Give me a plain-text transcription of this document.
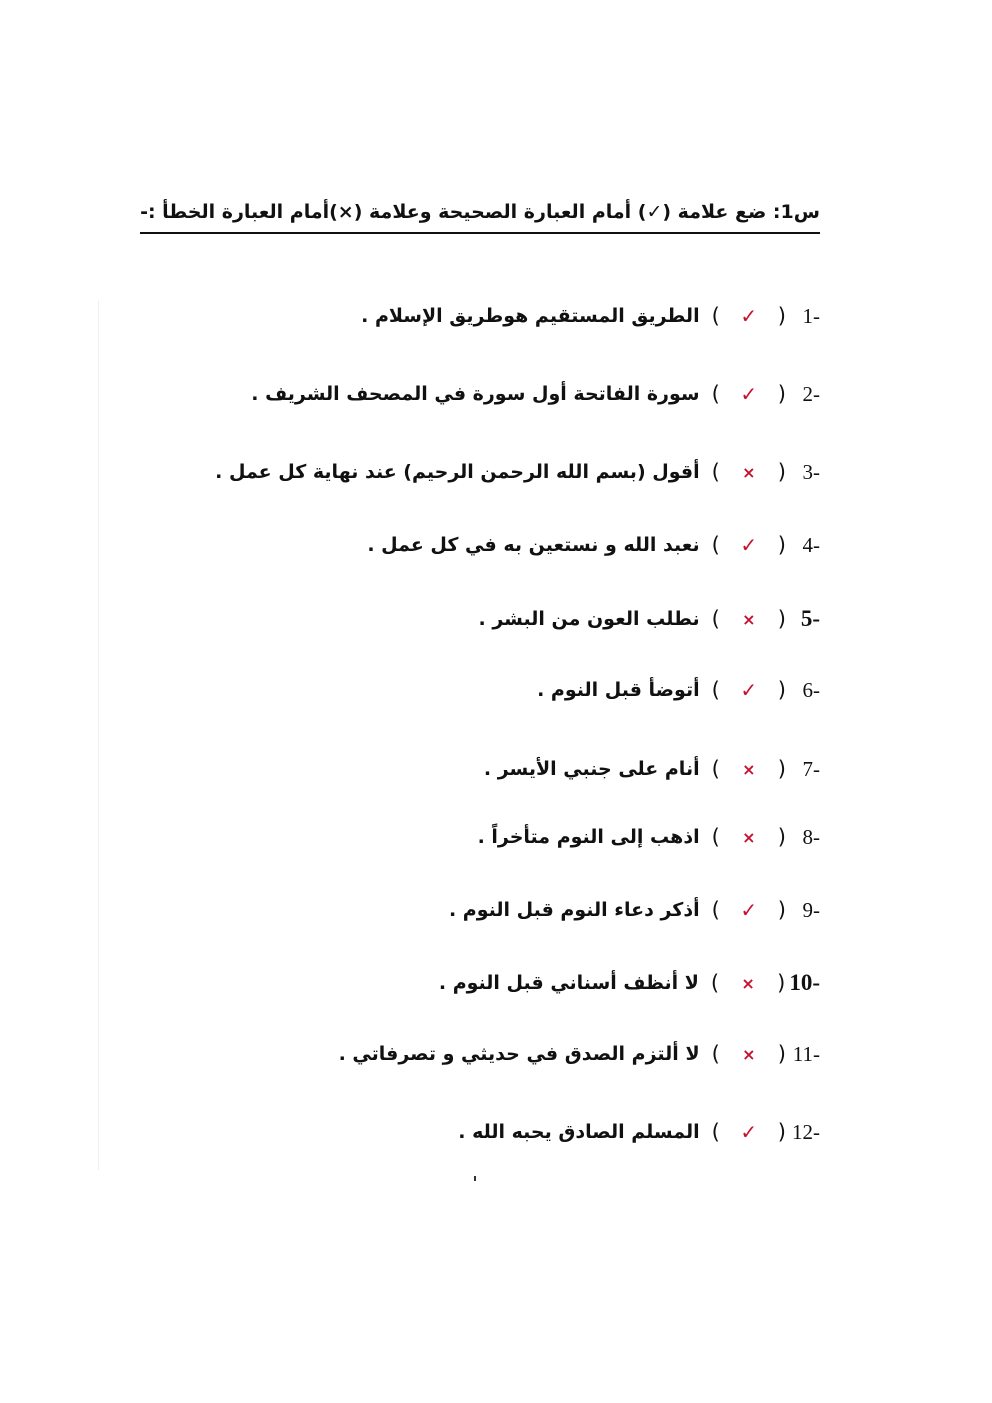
س1: ضع علامة (✓) أمام العبارة الصحيحة وعلامة (×)أمام العبارة الخطأ :-
1-
(
✓
)
الطريق المستقيم هوطريق الإسلام .
2-
(
✓
)
سورة الفاتحة أول سورة في المصحف الشريف .
3-
(
×
)
أقول (بسم الله الرحمن الرحيم) عند نهاية كل عمل .
4-
(
✓
)
نعبد الله و نستعين به في كل عمل .
5-
(
×
)
نطلب العون من البشر .
6-
(
✓
)
أتوضأ قبل النوم .
7-
(
×
)
أنام على جنبي الأيسر .
8-
(
×
)
اذهب إلى النوم متأخراً .
9-
(
✓
)
أذكر دعاء النوم قبل النوم .
10-
(
×
)
لا أنظف أسناني قبل النوم .
11-
(
×
)
لا ألتزم الصدق في حديثي و تصرفاتي .
12-
(
✓
)
المسلم الصادق يحبه الله .
